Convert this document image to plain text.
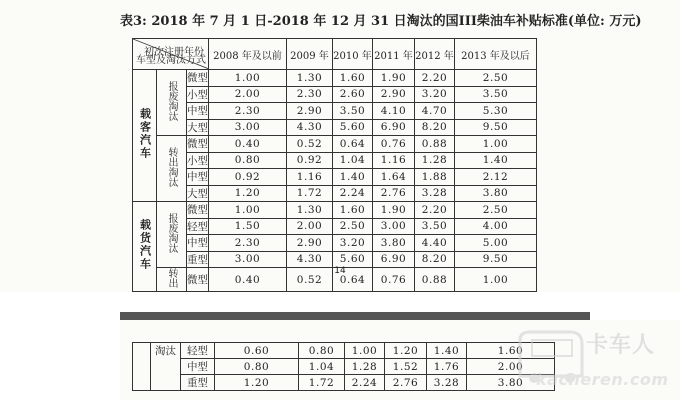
表3: 2018 年 7 月 1 日-2018 年 12 月 31 日淘汰的国III柴油车补贴标准(单位: 万元)
初次注册年份
车型及淘汰方式			2008 年及以前	2009 年	2010 年	2011 年	2012 年	2013 年及以后
载客汽车	报废淘汰	微型	1.00	1.30	1.60	1.90	2.20	2.50
		小型	2.00	2.30	2.60	2.90	3.20	3.50
		中型	2.30	2.90	3.50	4.10	4.70	5.30
		大型	3.00	4.30	5.60	6.90	8.20	9.50
	转出淘汰	微型	0.40	0.52	0.64	0.76	0.88	1.00
		小型	0.80	0.92	1.04	1.16	1.28	1.40
		中型	0.92	1.16	1.40	1.64	1.88	2.12
		大型	1.20	1.72	2.24	2.76	3.28	3.80
载货汽车	报废淘汰	微型	1.00	1.30	1.60	1.90	2.20	2.50
		轻型	1.50	2.00	2.50	3.00	3.50	4.00
		中型	2.30	2.90	3.20	3.80	4.40	5.00
		重型	3.00	4.30	5.60	6.90	8.20	9.50
	转出	微型	0.40	0.52	0.64	0.76	0.88	1.00
14
	淘汰	轻型	0.60	0.80	1.00	1.20	1.40	1.60
		中型	0.80	1.04	1.28	1.52	1.76	2.00
		重型	1.20	1.72	2.24	2.76	3.28	3.80
卡车人
kacheren.com
